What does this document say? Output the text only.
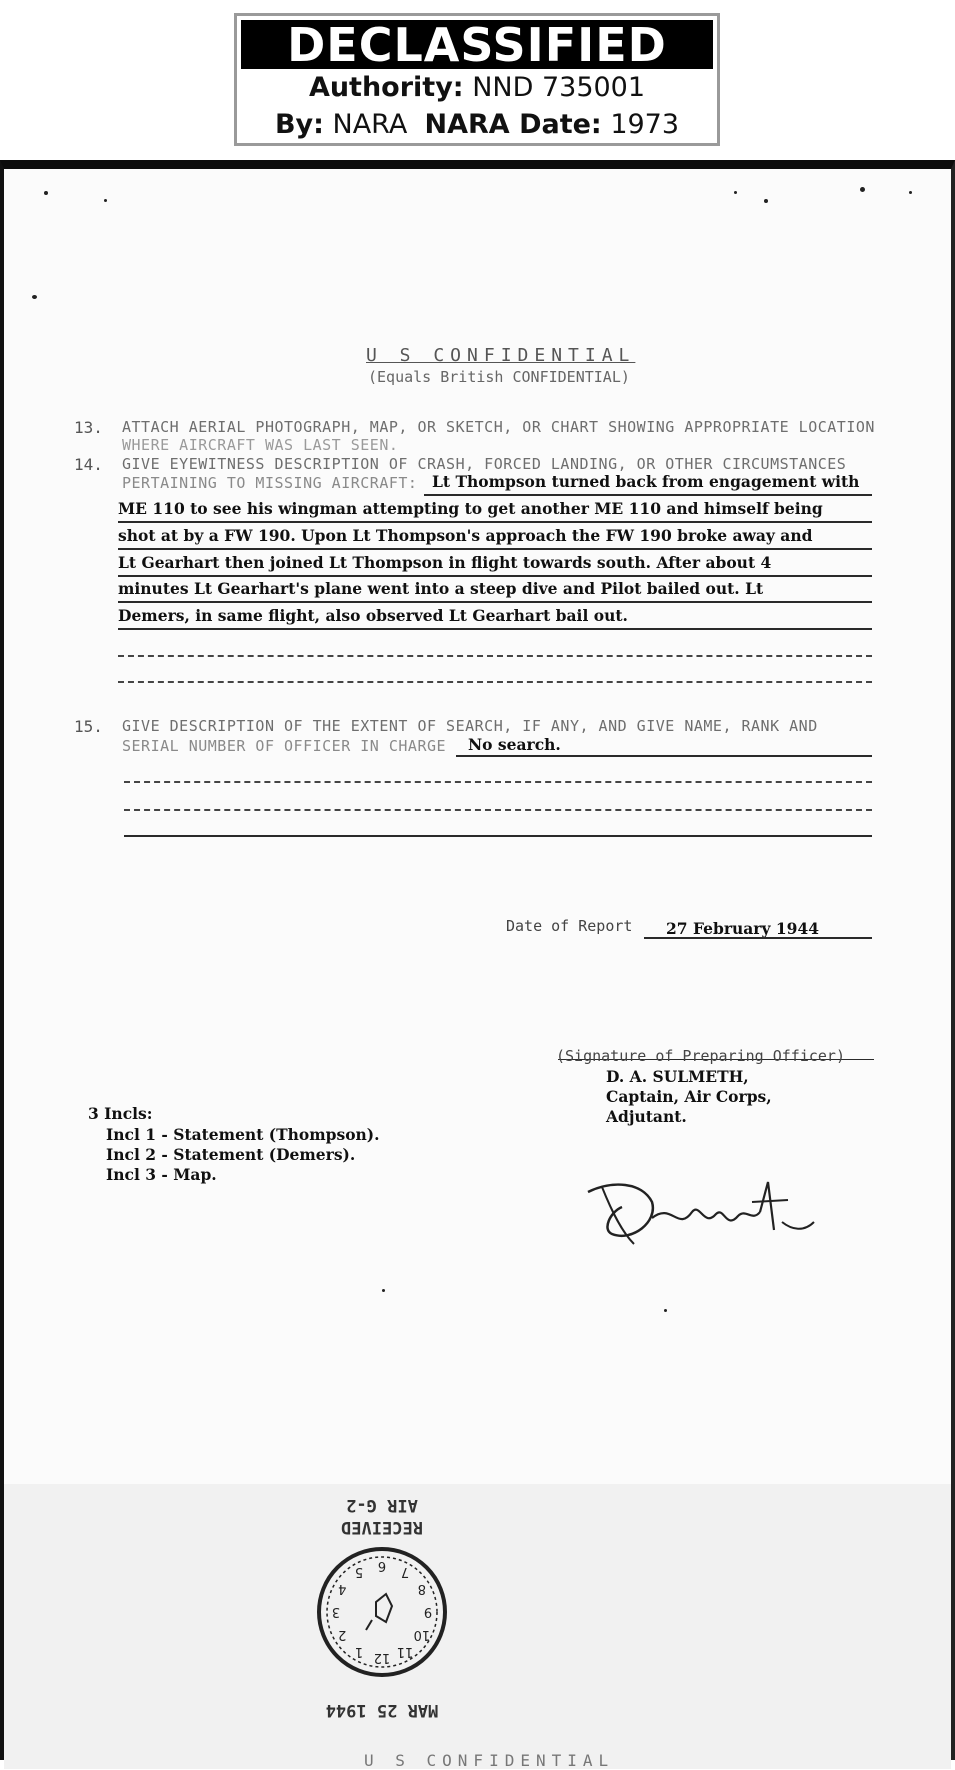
DECLASSIFIED
Authority: NND 735001
By: NARA NARA Date: 1973
U S CONFIDENTIAL
(Equals British CONFIDENTIAL)
13. ATTACH AERIAL PHOTOGRAPH, MAP, OR SKETCH, OR CHART SHOWING APPROPRIATE LOCATION
WHERE AIRCRAFT WAS LAST SEEN.
14. GIVE EYEWITNESS DESCRIPTION OF CRASH, FORCED LANDING, OR OTHER CIRCUMSTANCES
PERTAINING TO MISSING AIRCRAFT: Lt Thompson turned back from engagement with
ME 110 to see his wingman attempting to get another ME 110 and himself being
shot at by a FW 190. Upon Lt Thompson's approach the FW 190 broke away and
Lt Gearhart then joined Lt Thompson in flight towards south. After about 4
minutes Lt Gearhart's plane went into a steep dive and Pilot bailed out. Lt
Demers, in same flight, also observed Lt Gearhart bail out.
15. GIVE DESCRIPTION OF THE EXTENT OF SEARCH, IF ANY, AND GIVE NAME, RANK AND
SERIAL NUMBER OF OFFICER IN CHARGE No search.
Date of Report 27 February 1944
(Signature of Preparing Officer)
D. A. SULMETH,
Captain, Air Corps,
Adjutant.
3 Incls:
Incl 1 - Statement (Thompson).
Incl 2 - Statement (Demers).
Incl 3 - Map.
U S CONFIDENTIAL
AIR G-2
RECEIVED
MAR 25 1944
12
1
2
3
4
5 6 7
8
9
10
11
